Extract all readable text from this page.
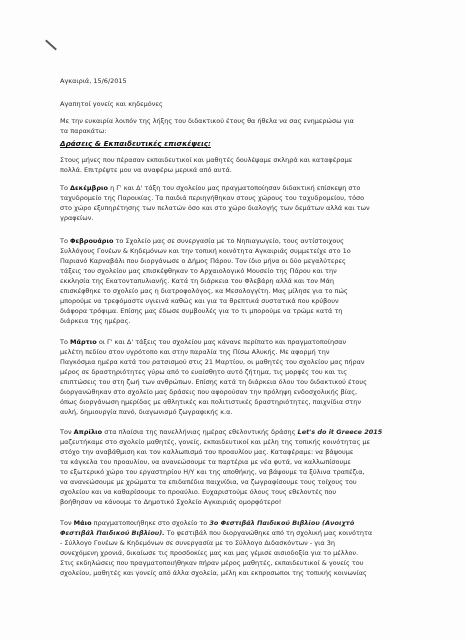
Αγκαιριά, 15/6/2015
Αγαπητοί γονείς και κηδεμόνες
Με την ευκαιρία λοιπόν της λήξης του διδακτικού έτους θα ήθελα να σας ενημερώσω για
τα παρακάτω:
Δράσεις & Εκπαιδευτικές επισκέψεις:
Στους μήνες που πέρασαν εκπαιδευτικοί και μαθητές δουλέψαμε σκληρά και καταφέραμε
πολλά. Επιτρέψτε μου να αναφέρω μερικά από αυτά.
Το Δεκέμβριο η Γ' και Δ' τάξη του σχολείου μας πραγματοποίησαν διδακτική επίσκεψη στο
ταχυδρομείο της Παροικίας. Τα παιδιά περιηγήθηκαν στους χώρους του ταχυδρομείου, τόσο
στο χώρο εξυπηρέτησης των πελατών όσο και στο χώρο διαλογής των δεμάτων αλλά και των
γραφείων.
Το Φεβρουάριο το Σχολείο μας σε συνεργασία με το Νηπιαγωγείο, τους αντίστοιχους
Συλλόγους Γονέων & Κηδεμόνων και την τοπική κοινότητα Αγκαιριάς συμμετείχε στο 1ο
Παριανό Καρναβάλι που διοργάνωσε ο Δήμος Πάρου. Τον ίδιο μήνα οι δύο μεγαλύτερες
τάξεις του σχολείου μας επισκέφθηκαν το Αρχαιολογικό Μουσείο της Πάρου και την
εκκλησία της Εκατονταπυλιανής. Κατά τη διάρκεια του Φλεβάρη αλλά και τον Μάη
επισκέφθηκε το σχολείο μας η διατροφολόγος, κα Μεσολογγίτη. Μας μίλησε για το πώς
μπορούμε να τρεφόμαστε υγιεινά καθώς και για τα θρεπτικά συστατικά που κρύβουν
διάφορα τρόφιμα. Επίσης μας έδωσε συμβουλές για το τι μπορούμε να τρώμε κατά τη
διάρκεια της ημέρας.
Το Μάρτιο οι Γ' και Δ' τάξεις του σχολείου μας κάνανε περίπατο και πραγματοποίησαν
μελέτη πεδίου στον υγρότοπο και στην παραλία της Πίσω Αλυκής. Με αφορμή την
Παγκόσμια ημέρα κατά του ρατσισμού στις 21 Μαρτίου, οι μαθητές του σχολείου μας πήραν
μέρος σε δραστηριότητες γύρω από το ευαίσθητο αυτό ζήτημα, τις μορφές του και τις
επιπτώσεις του στη ζωή των ανθρώπων. Επίσης κατά τη διάρκεια όλου του διδακτικού έτους
διοργανώθηκαν στο σχολείο μας δράσεις που αφορούσαν την πρόληψη ενδοσχολικής βίας,
όπως διοργάνωση ημερίδας με αθλητικές και πολιτιστικές δραστηριότητες, παιχνίδια στην
αυλή, δημιουργία πανό, διαγωνισμό ζωγραφικής κ.α.
Τον Απρίλιο στα πλαίσια της πανελλήνιας ημέρας εθελοντικής δράσης Let's do it Greece 2015
μαζευτήκαμε στο σχολείο μαθητές, γονείς, εκπαιδευτικοί και μέλη της τοπικής κοινότητας με
στόχο την αναβάθμιση και τον καλλωπισμό του προαυλίου μας. Καταφέραμε: να βάψουμε
τα κάγκελα του προαυλίου, να ανανεώσουμε τα παρτέρια με νέα φυτά, να καλλωπίσουμε
το εξωτερικό χώρο του εργαστηρίου Η/Υ και της αποθήκης, να βάψουμε τα ξύλινα τραπέζια,
να ανανεώσουμε με χρώματα τα επιδαπέδια παιχνίδια, να ζωγραφίσουμε τους τοίχους του
σχολείου και να καθαρίσουμε το προαύλιο. Ευχαριστούμε όλους τους εθελοντές που
βοήθησαν να κάνουμε το Δημοτικό Σχολείο Αγκαιριάς ομορφότερο!
Τον Μάιο πραγματοποιήθηκε στο σχολείο το 3ο Φεστιβάλ Παιδικού Βιβλίου (Ανοιχτό
Φεστιβάλ Παιδικού Βιβλίου). Το φεστιβάλ που διοργανώθηκε από τη σχολική μας κοινότητα
- Σύλλογο Γονέων & Κηδεμόνων σε συνεργασία με το Σύλλογο Διδασκόντων - για 3η
συνεχόμενη χρονιά, δικαίωσε τις προσδοκίες μας και μας γέμισε αισιοδοξία για το μέλλον.
Στις εκδηλώσεις που πραγματοποιήθηκαν πήραν μέρος μαθητές, εκπαιδευτικοί & γονείς του
σχολείου, μαθητές και γονείς από άλλα σχολεία, μέλη και εκπροσωποι της τοπικής κοινωνίας
